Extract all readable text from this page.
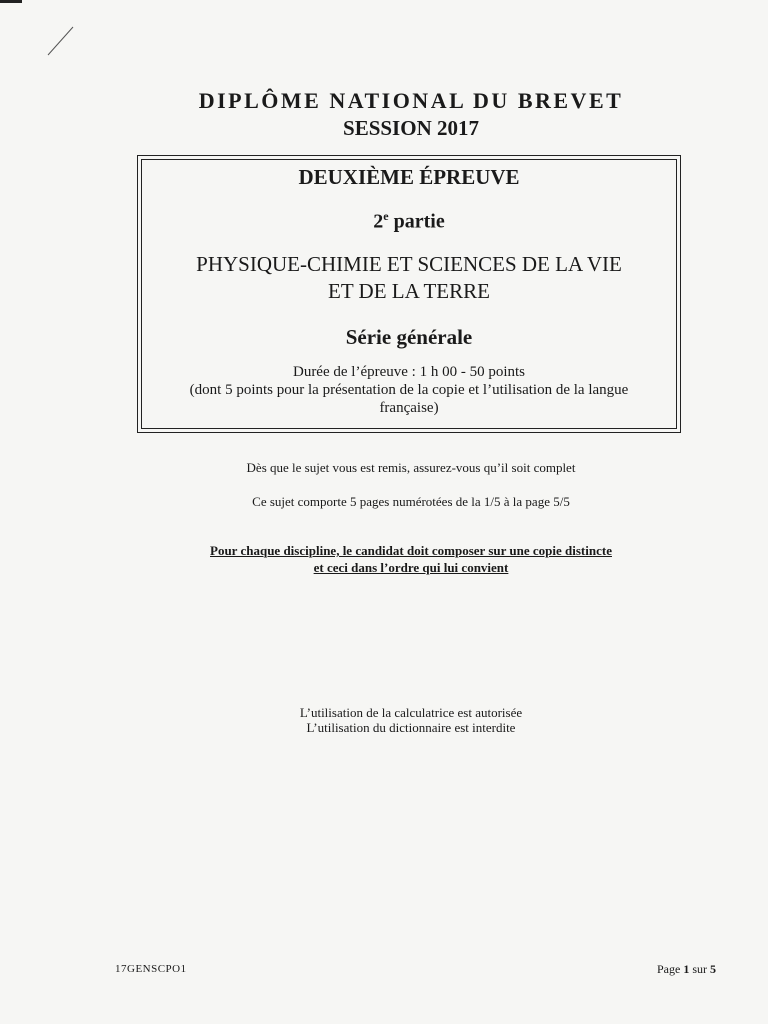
DIPLÔME NATIONAL DU BREVET
SESSION 2017
DEUXIÈME ÉPREUVE
2e partie
PHYSIQUE-CHIMIE ET SCIENCES DE LA VIE
ET DE LA TERRE
Série générale
Durée de l’épreuve : 1 h 00 - 50 points
(dont 5 points pour la présentation de la copie et l’utilisation de la langue
française)
Dès que le sujet vous est remis, assurez-vous qu’il soit complet
Ce sujet comporte 5 pages numérotées de la 1/5 à la page 5/5
Pour chaque discipline, le candidat doit composer sur une copie distincte
et ceci dans l’ordre qui lui convient
L’utilisation de la calculatrice est autorisée
L’utilisation du dictionnaire est interdite
17GENSCPO1	Page 1 sur 5
